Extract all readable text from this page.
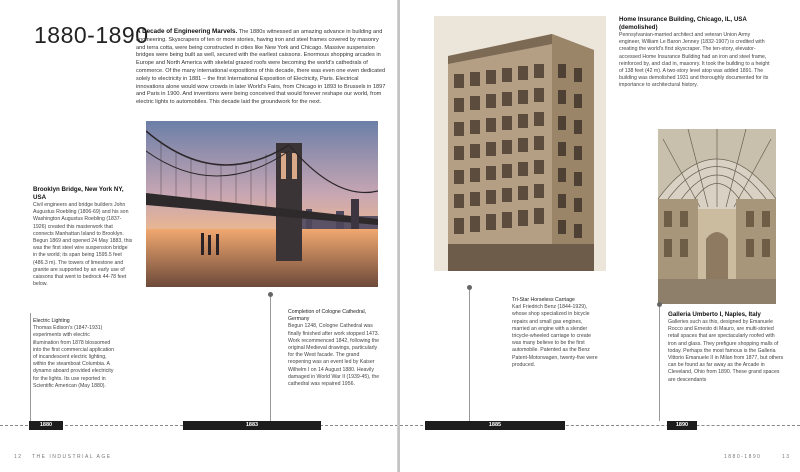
1880-1890
A Decade of Engineering Marvels. The 1880s witnessed an amazing advance in building and engineering. Skyscrapers of ten or more stories, having iron and steel frames covered by masonry and terra cotta, were being constructed in cities like New York and Chicago. Massive suspension bridges were being built as well, secured with the earliest caissons. Enormous shopping arcades in Europe and North America with skeletal grazed roofs were becoming the world's cathedrals of commerce. Of the many international expositions of this decade, there was even one even dedicated solely to electricity in 1881 – the first International Exposition of Electricity, Paris. Electrical innovations alone would wow crowds in later World's Fairs, from Chicago in 1893 to Brussels in 1897 and Paris in 1900. And inventions were being conceived that would forever reshape our world, from electric lights to automobiles. This decade laid the groundwork for the next.
Brooklyn Bridge, New York NY, USA
Civil engineers and bridge builders John Augustus Roebling (1806-69) and his son Washington Augustus Roebling (1837-1926) created this masterwork that connects Manhattan Island to Brooklyn. Begun 1869 and opened 24 May 1883, this was the first steel wire suspension bridge in the world; its span being 1595.5 feet (486.3 m). The towers of limestone and granite are supported by an early use of caissons that went to bedrock 44-78 feet below.
Electric Lighting
Thomas Edison's (1847-1931) experiments with electric illumination from 1878 blossomed into the first commercial application of incandescent electric lighting, within the steamboat Columbia. A dynamo aboard provided electricity for the lights. Its use reported in Scientific American (May 1880).
Completion of Cologne Cathedral, Germany
Begun 1248, Cologne Cathedral was finally finished after work stopped 1473. Work recommenced 1842, following the original Medieval drawings, particularly for the West facade. The grand reopening was an event led by Kaiser Wilhelm I on 14 August 1880. Heavily damaged in World War II (1939-45), the cathedral was repaired 1956.
1880	1883
12 THE INDUSTRIAL AGE
Home Insurance Building, Chicago, IL, USA (demolished)
Pennsylvanian-married architect and veteran Union Army engineer, William Le Baron Jenney (1832-1907) is credited with creating the world's first skyscraper. The ten-story, elevator-accessed Home Insurance Building had an iron and steel frame, reinforced by, and clad in, masonry. It took the building to a height of 138 feet (42 m). A two-story level atop was added 1891. The building was demolished 1931 and thoroughly documented for its importance to architectural history.
Tri-Star Horseless Carriage
Karl Friedrich Benz (1844-1929), whose shop specialized in bicycle repairs and small gas engines, married an engine with a slender tricycle-wheeled carriage to create was many believe to be the first automobile. Patented as the Benz Patent-Motorwagen, twenty-five were produced.
Galleria Umberto I, Naples, Italy
Galleries such as this, designed by Emanuele Rocco and Ernesto di Mauro, are multi-storied retail spaces that are spectacularly roofed with iron and glass. They prefigure shopping malls of today. Perhaps the most famous is the Galleria Vittorio Emanuele II in Milan from 1877, but others can be found as far away as the Arcade in Cleveland, Ohio from 1890. These grand spaces are descendants
1885	1890
1880-1890	13
